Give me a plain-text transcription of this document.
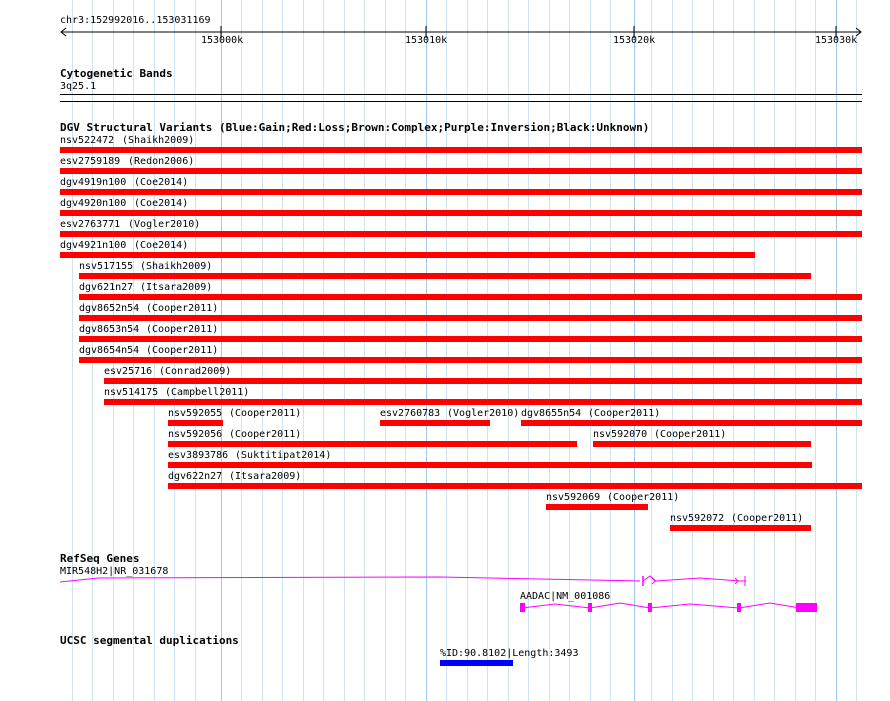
chr3:152992016..153031169
153000k	153010k	153020k	153030k
Cytogenetic Bands
3q25.1
DGV Structural Variants (Blue:Gain;Red:Loss;Brown:Complex;Purple:Inversion;Black:Unknown)
nsv522472 (Shaikh2009)
esv2759189 (Redon2006)
dgv4919n100 (Coe2014)
dgv4920n100 (Coe2014)
esv2763771 (Vogler2010)
dgv4921n100 (Coe2014)
nsv517155 (Shaikh2009)
dgv621n27 (Itsara2009)
dgv8652n54 (Cooper2011)
dgv8653n54 (Cooper2011)
dgv8654n54 (Cooper2011)
esv25716 (Conrad2009)
nsv514175 (Campbell2011)
nsv592055 (Cooper2011)	esv2760783 (Vogler2010) dgv8655n54 (Cooper2011)
nsv592056 (Cooper2011)	nsv592070 (Cooper2011)
esv3893786 (Suktitipat2014)
dgv622n27 (Itsara2009)
nsv592069 (Cooper2011)
nsv592072 (Cooper2011)
RefSeq Genes
MIR548H2|NR_031678
AADAC|NM_001086
UCSC segmental duplications
%ID:90.8102|Length:3493
